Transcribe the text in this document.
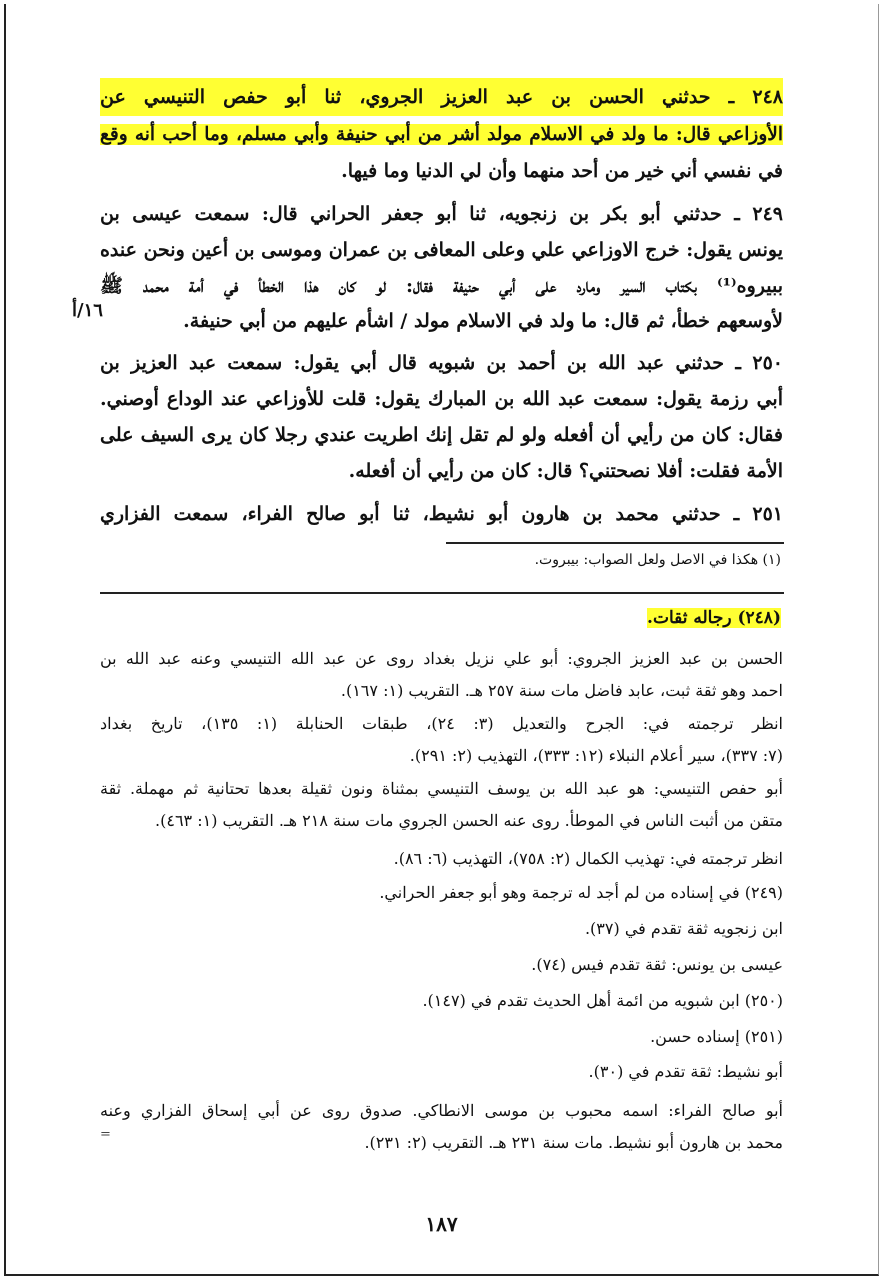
١٦/أ
٢٤٨ ـ حدثني الحسن بن عبد العزيز الجروي، ثنا أبو حفص التنيسي عن
الأوزاعي قال: ما ولد في الاسلام مولد أشر من أبي حنيفة وأبي مسلم، وما أحب أنه وقع
في نفسي أني خير من أحد منهما وأن لي الدنيا وما فيها.
٢٤٩ ـ حدثني أبو بكر بن زنجويه، ثنا أبو جعفر الحراني قال: سمعت عيسى بن
يونس يقول: خرج الاوزاعي علي وعلى المعافى بن عمران وموسى بن أعين ونحن عنده
ببيروه⁽¹⁾ بكتاب السير ومارد على أبي حنيفة فقال: لو كان هذا الخطأ في أمة محمد ﷺ
لأوسعهم خطأ، ثم قال: ما ولد في الاسلام مولد / اشأم عليهم من أبي حنيفة.
٢٥٠ ـ حدثني عبد الله بن أحمد بن شبويه قال أبي يقول: سمعت عبد العزيز بن
أبي رزمة يقول: سمعت عبد الله بن المبارك يقول: قلت للأوزاعي عند الوداع أوصني.
فقال: كان من رأيي أن أفعله ولو لم تقل إنك اطريت عندي رجلا كان يرى السيف على
الأمة فقلت: أفلا نصحتني؟ قال: كان من رأيي أن أفعله.
٢٥١ ـ حدثني محمد بن هارون أبو نشيط، ثنا أبو صالح الفراء، سمعت الفزاري
(١) هكذا في الاصل ولعل الصواب: بيبروت.
(٢٤٨) رجاله ثقات.
الحسن بن عبد العزيز الجروي: أبو علي نزيل بغداد روى عن عبد الله التنيسي وعنه عبد الله بن
احمد وهو ثقة ثبت، عابد فاضل مات سنة ٢٥٧ هـ. التقريب (١: ١٦٧).
انظر ترجمته في: الجرح والتعديل (٣: ٢٤)، طبقات الحنابلة (١: ١٣٥)، تاريخ بغداد
(٧: ٣٣٧)، سير أعلام النبلاء (١٢: ٣٣٣)، التهذيب (٢: ٢٩١).
أبو حفص التنيسي: هو عبد الله بن يوسف التنيسي بمثناة ونون ثقيلة بعدها تحتانية ثم مهملة. ثقة
متقن من أثبت الناس في الموطأ. روى عنه الحسن الجروي مات سنة ٢١٨ هـ. التقريب (١: ٤٦٣).
انظر ترجمته في: تهذيب الكمال (٢: ٧٥٨)، التهذيب (٦: ٨٦).
(٢٤٩) في إسناده من لم أجد له ترجمة وهو أبو جعفر الحراني.
ابن زنجويه ثقة تقدم في (٣٧).
عيسى بن يونس: ثقة تقدم فيس (٧٤).
(٢٥٠) ابن شبويه من ائمة أهل الحديث تقدم في (١٤٧).
(٢٥١) إسناده حسن.
أبو نشيط: ثقة تقدم في (٣٠).
أبو صالح الفراء: اسمه محبوب بن موسى الانطاكي. صدوق روى عن أبي إسحاق الفزاري وعنه
محمد بن هارون أبو نشيط. مات سنة ٢٣١ هـ. التقريب (٢: ٢٣١).
=
١٨٧
